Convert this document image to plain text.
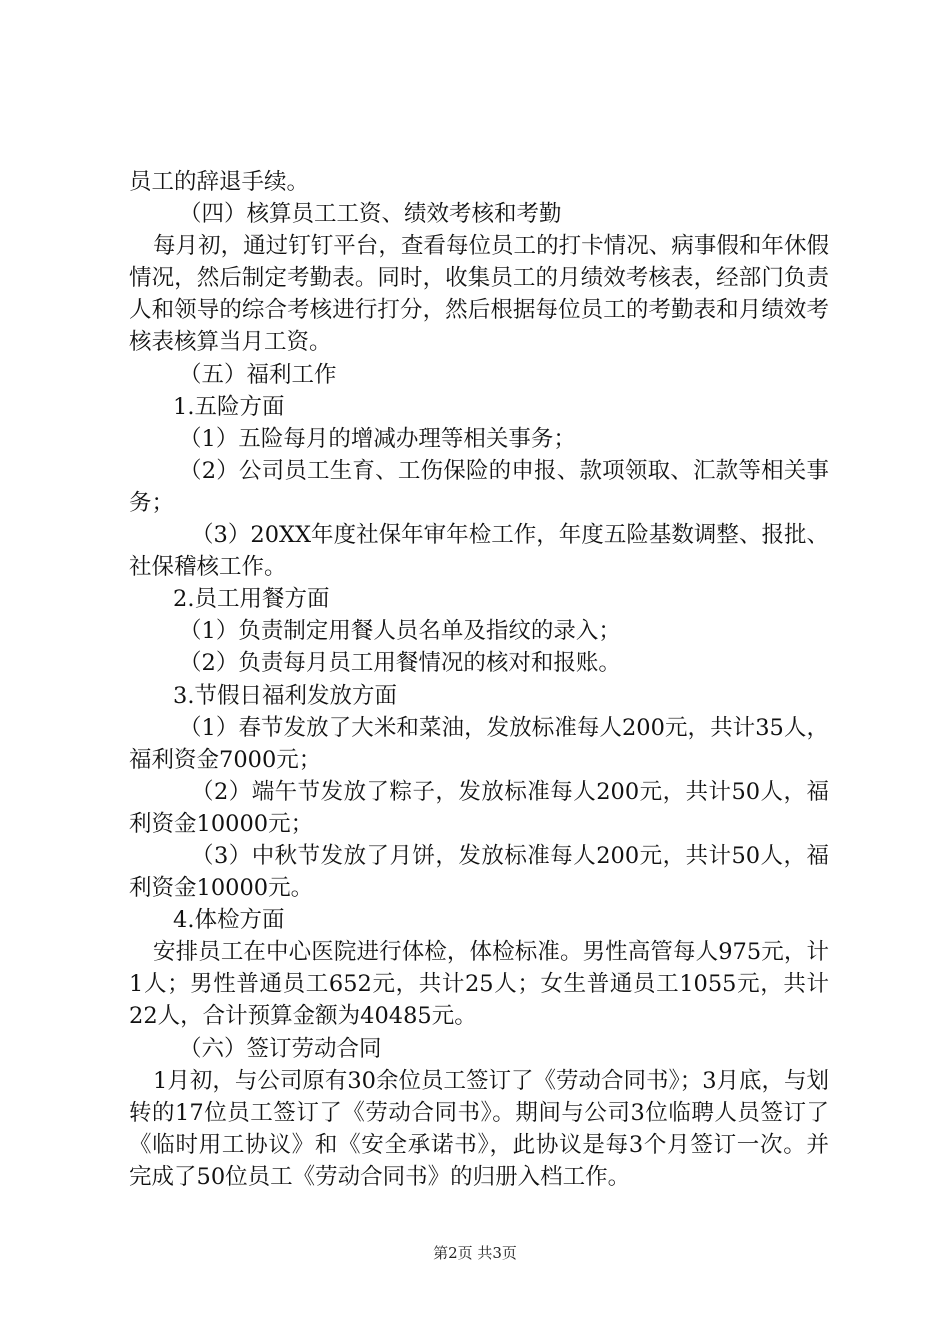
员工的辞退手续。

（四）核算员工工资、绩效考核和考勤

每月初，通过钉钉平台，查看每位员工的打卡情况、病事假和年休假情况，然后制定考勤表。同时，收集员工的月绩效考核表，经部门负责人和领导的综合考核进行打分，然后根据每位员工的考勤表和月绩效考核表核算当月工资。

（五）福利工作

1.五险方面

（1）五险每月的增减办理等相关事务；

（2）公司员工生育、工伤保险的申报、款项领取、汇款等相关事务；

（3）20XX年度社保年审年检工作，年度五险基数调整、报批、社保稽核工作。

2.员工用餐方面

（1）负责制定用餐人员名单及指纹的录入；

（2）负责每月员工用餐情况的核对和报账。

3.节假日福利发放方面

（1）春节发放了大米和菜油，发放标准每人200元，共计35人，福利资金7000元；

（2）端午节发放了粽子，发放标准每人200元，共计50人，福利资金10000元；

（3）中秋节发放了月饼，发放标准每人200元，共计50人，福利资金10000元。

4.体检方面

安排员工在中心医院进行体检，体检标准。男性高管每人975元，计1人；男性普通员工652元，共计25人；女生普通员工1055元，共计22人，合计预算金额为40485元。

（六）签订劳动合同

1月初，与公司原有30余位员工签订了《劳动合同书》；3月底，与划转的17位员工签订了《劳动合同书》。期间与公司3位临聘人员签订了《临时用工协议》和《安全承诺书》，此协议是每3个月签订一次。并完成了50位员工《劳动合同书》的归册入档工作。

第2页 共3页
